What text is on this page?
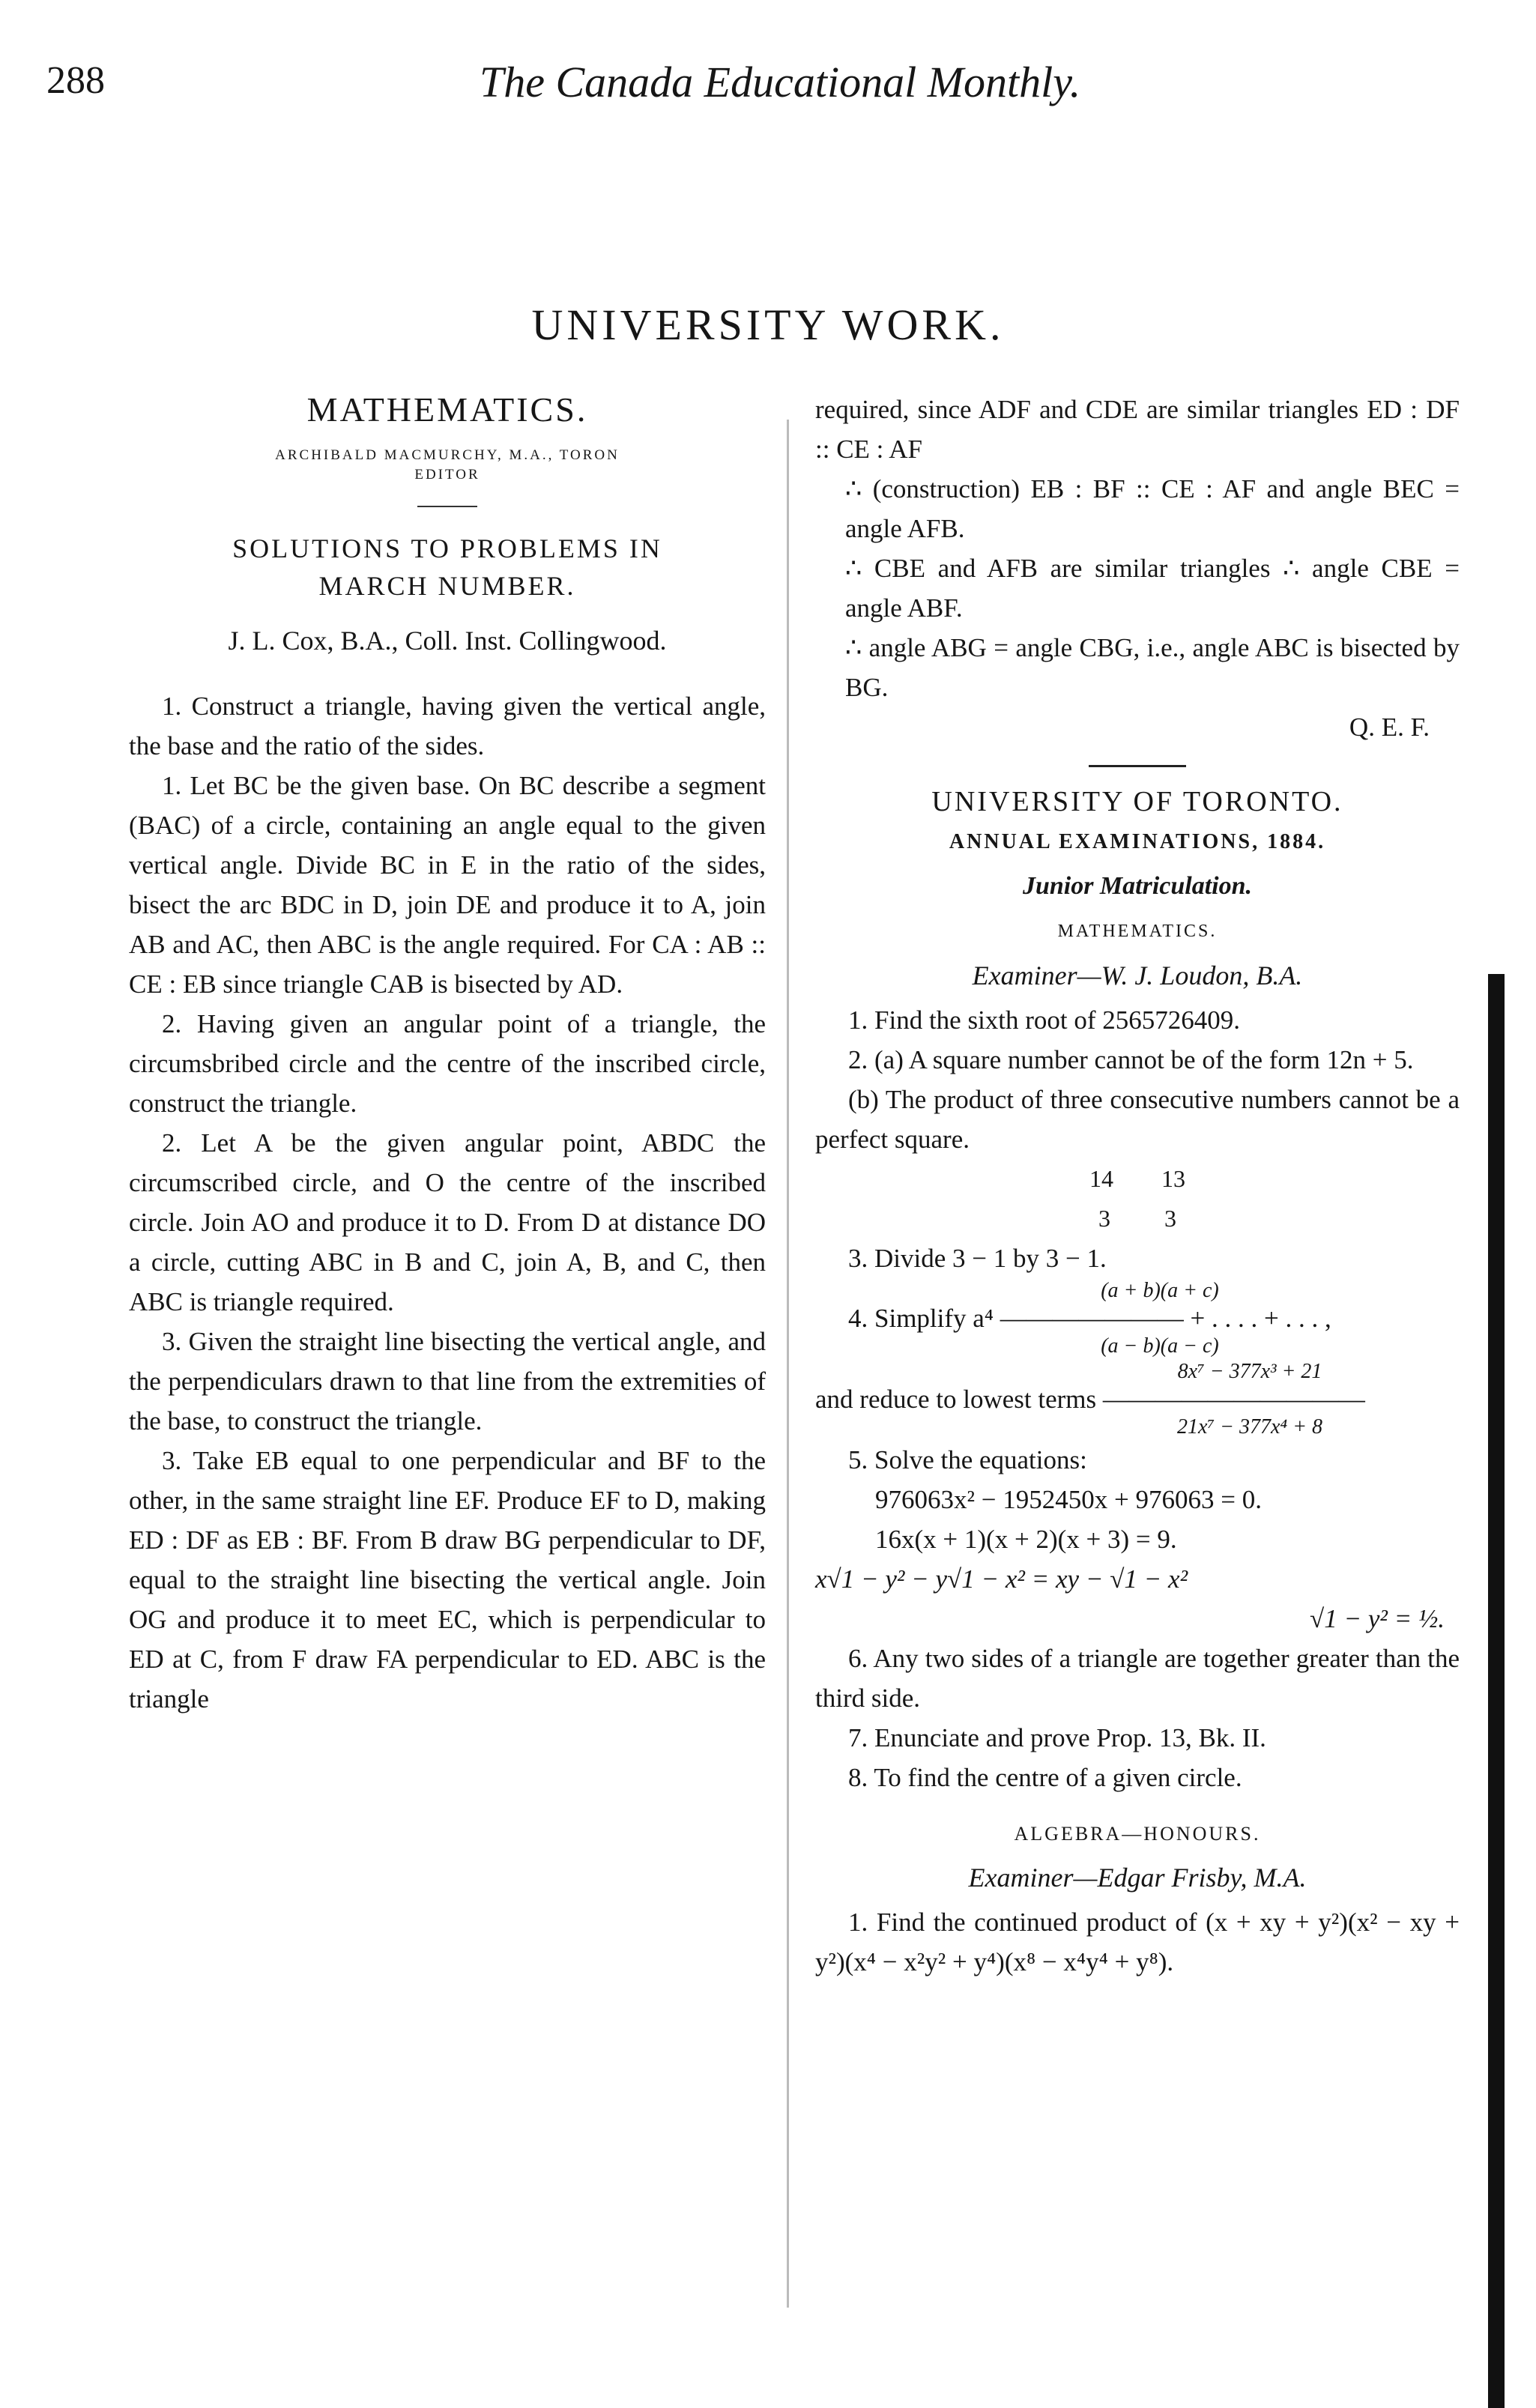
288	The Canada Educational Monthly.
UNIVERSITY WORK.
MATHEMATICS.
ARCHIBALD MACMURCHY, M.A., TORON
EDITOR
SOLUTIONS TO PROBLEMS IN
MARCH NUMBER.
J. L. Cox, B.A., Coll. Inst. Collingwood.

1. Construct a triangle, having given the vertical angle, the base and the ratio of the sides.

1. Let BC be the given base. On BC describe a segment (BAC) of a circle, containing an angle equal to the given vertical angle. Divide BC in E in the ratio of the sides, bisect the arc BDC in D, join DE and produce it to A, join AB and AC, then ABC is the angle required. For CA : AB :: CE : EB since triangle CAB is bisected by AD.

2. Having given an angular point of a triangle, the circumsbribed circle and the centre of the inscribed circle, construct the triangle.

2. Let A be the given angular point, ABDC the circumscribed circle, and O the centre of the inscribed circle. Join AO and produce it to D. From D at distance DO a circle, cutting ABC in B and C, join A, B, and C, then ABC is triangle required.

3. Given the straight line bisecting the vertical angle, and the perpendiculars drawn to that line from the extremities of the base, to construct the triangle.

3. Take EB equal to one perpendicular and BF to the other, in the same straight line EF. Produce EF to D, making ED : DF as EB : BF. From B draw BG perpendicular to DF, equal to the straight line bisecting the vertical angle. Join OG and produce it to meet EC, which is perpendicular to ED at C, from F draw FA perpendicular to ED. ABC is the triangle

required, since ADF and CDE are similar triangles ED : DF :: CE : AF
∴ (construction) EB : BF :: CE : AF and angle BEC = angle AFB.
∴ CBE and AFB are similar triangles ∴ angle CBE = angle ABF.
∴ angle ABG = angle CBG, i.e., angle ABC is bisected by BG.
Q. E. F.
UNIVERSITY OF TORONTO.
ANNUAL EXAMINATIONS, 1884.
Junior Matriculation.
MATHEMATICS.
Examiner—W. J. Loudon, B.A.

1. Find the sixth root of 2565726409.

2. (a) A square number cannot be of the form 12n + 5.

(b) The product of three consecutive numbers cannot be a perfect square.

14        13
3         3

3. Divide 3 − 1 by 3 − 1.

(a + b)(a + c)

4. Simplify a⁴ ——————— + . . . . + . . . ,

(a − b)(a − c)
8x⁷ − 377x³ + 21
and reduce to lowest terms ——————————
21x⁷ − 377x⁴ + 8

5. Solve the equations:

976063x² − 1952450x + 976063 = 0.
16x(x + 1)(x + 2)(x + 3) = 9.
x√1 − y² − y√1 − x² = xy − √1 − x²
√1 − y² = ½.

6. Any two sides of a triangle are together greater than the third side.

7. Enunciate and prove Prop. 13, Bk. II.

8. To find the centre of a given circle.

ALGEBRA—HONOURS.
Examiner—Edgar Frisby, M.A.

1. Find the continued product of (x + xy + y²)(x² − xy + y²)(x⁴ − x²y² + y⁴)(x⁸ − x⁴y⁴ + y⁸).
